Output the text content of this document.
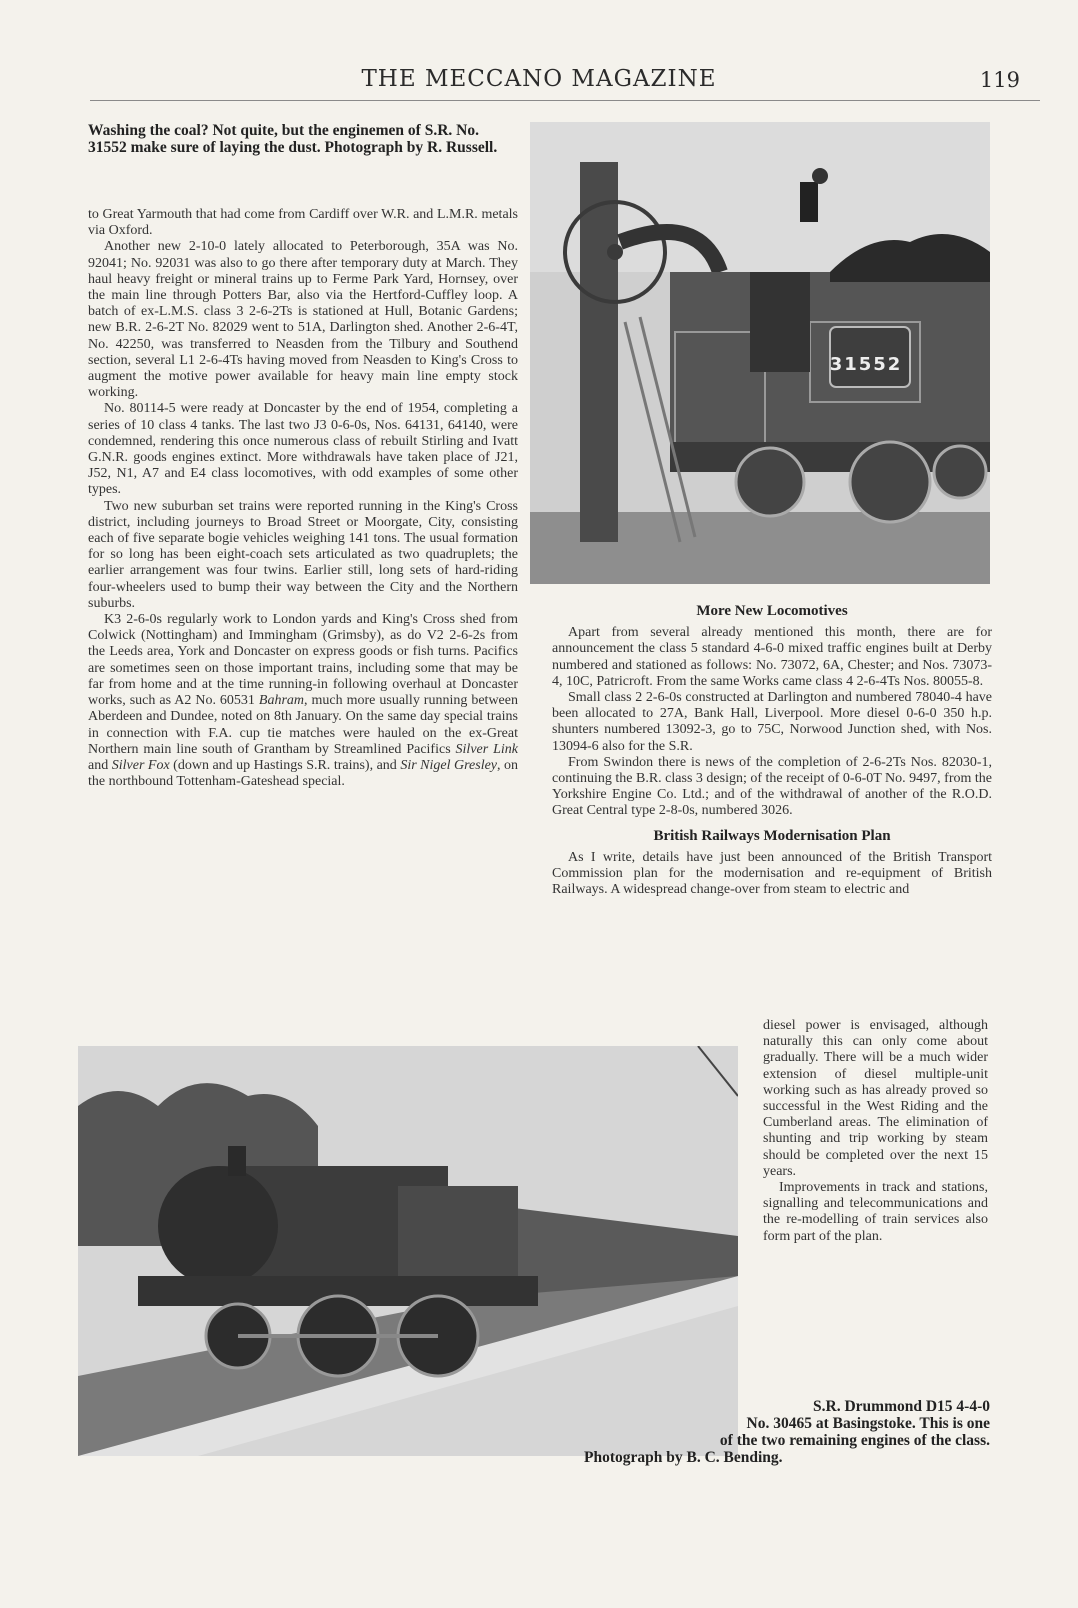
THE MECCANO MAGAZINE	119
Washing the coal? Not quite, but the enginemen of S.R. No. 31552 make sure of laying the dust. Photograph by R. Russell.
31552

to Great Yarmouth that had come from Cardiff over W.R. and L.M.R. metals via Oxford.

Another new 2-10-0 lately allocated to Peterborough, 35A was No. 92041; No. 92031 was also to go there after temporary duty at March. They haul heavy freight or mineral trains up to Ferme Park Yard, Hornsey, over the main line through Potters Bar, also via the Hertford-Cuffley loop. A batch of ex-L.M.S. class 3 2-6-2Ts is stationed at Hull, Botanic Gardens; new B.R. 2-6-2T No. 82029 went to 51A, Darlington shed. Another 2-6-4T, No. 42250, was transferred to Neasden from the Tilbury and Southend section, several L1 2-6-4Ts having moved from Neasden to King's Cross to augment the motive power available for heavy main line empty stock working.

No. 80114-5 were ready at Doncaster by the end of 1954, completing a series of 10 class 4 tanks. The last two J3 0-6-0s, Nos. 64131, 64140, were condemned, rendering this once numerous class of rebuilt Stirling and Ivatt G.N.R. goods engines extinct. More withdrawals have taken place of J21, J52, N1, A7 and E4 class locomotives, with odd examples of some other types.

Two new suburban set trains were reported running in the King's Cross district, including journeys to Broad Street or Moorgate, City, consisting each of five separate bogie vehicles weighing 141 tons. The usual formation for so long has been eight-coach sets articulated as two quadruplets; the earlier arrangement was four twins. Earlier still, long sets of hard-riding four-wheelers used to bump their way between the City and the Northern suburbs.

K3 2-6-0s regularly work to London yards and King's Cross shed from Colwick (Nottingham) and Immingham (Grimsby), as do V2 2-6-2s from the Leeds area, York and Doncaster on express goods or fish turns. Pacifics are sometimes seen on those important trains, including some that may be far from home and at the time running-in following overhaul at Doncaster works, such as A2 No. 60531 Bahram, much more usually running between Aberdeen and Dundee, noted on 8th January. On the same day special trains in connection with F.A. cup tie matches were hauled on the ex-Great Northern main line south of Grantham by Streamlined Pacifics Silver Link and Silver Fox (down and up Hastings S.R. trains), and Sir Nigel Gresley, on the northbound Tottenham-Gateshead special.

More New Locomotives

Apart from several already mentioned this month, there are for announcement the class 5 standard 4-6-0 mixed traffic engines built at Derby numbered and stationed as follows: No. 73072, 6A, Chester; and Nos. 73073-4, 10C, Patricroft. From the same Works came class 4 2-6-4Ts Nos. 80055-8.

Small class 2 2-6-0s constructed at Darlington and numbered 78040-4 have been allocated to 27A, Bank Hall, Liverpool. More diesel 0-6-0 350 h.p. shunters numbered 13092-3, go to 75C, Norwood Junction shed, with Nos. 13094-6 also for the S.R.

From Swindon there is news of the completion of 2-6-2Ts Nos. 82030-1, continuing the B.R. class 3 design; of the receipt of 0-6-0T No. 9497, from the Yorkshire Engine Co. Ltd.; and of the withdrawal of another of the R.O.D. Great Central type 2-8-0s, numbered 3026.

British Railways Modernisation Plan

As I write, details have just been announced of the British Transport Commission plan for the modernisation and re-equipment of British Railways. A widespread change-over from steam to electric and

diesel power is envisaged, although naturally this can only come about gradually. There will be a much wider extension of diesel multiple-unit working such as has already proved so successful in the West Riding and the Cumberland areas. The elimination of shunting and trip working by steam should be completed over the next 15 years.

Improvements in track and stations, signalling and telecommunications and the re-modelling of train services also form part of the plan.

S.R. Drummond D15 4-4-0
No. 30465 at Basingstoke. This is one
of the two remaining engines of the class.
Photograph by B. C. Bending.
